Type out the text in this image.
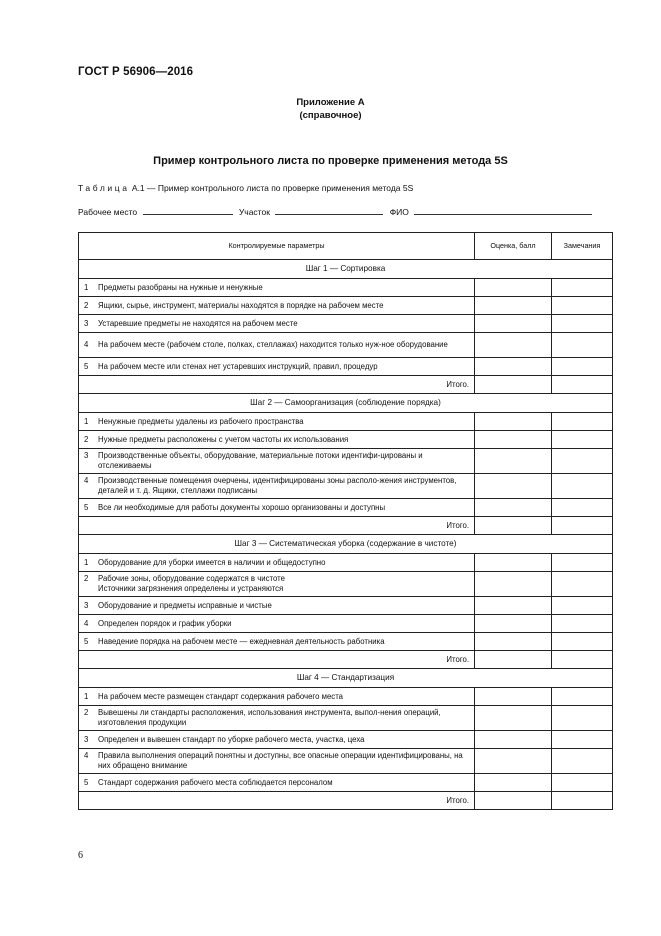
ГОСТ Р 56906—2016
Приложение А
(справочное)
Пример контрольного листа по проверке применения метода 5S
Таблица А.1 — Пример контрольного листа по проверке применения метода 5S
Рабочее место	Участок	ФИО
Контролируемые параметры	Оценка, балл	Замечания
Шаг 1 — Сортировка		

1 Предметы разобраны на нужные и ненужные		

2 Ящики, сырье, инструмент, материалы находятся в порядке на рабочем месте		

3 Устаревшие предметы не находятся на рабочем месте		

4 На рабочем месте (рабочем столе, полках, стеллажах) находится только нуж-ное оборудование		

5 На рабочем месте или стенах нет устаревших инструкций, правил, процедур		

Итого.		
Шаг 2 — Самоорганизация (соблюдение порядка)		

1 Ненужные предметы удалены из рабочего пространства		

2 Нужные предметы расположены с учетом частоты их использования		

3 Производственные объекты, оборудование, материальные потоки идентифи-цированы и отслеживаемы		

4 Производственные помещения очерчены, идентифицированы зоны располо-жения инструментов, деталей и т. д. Ящики, стеллажи подписаны		

5 Все ли необходимые для работы документы хорошо организованы и доступны		

Итого.		
Шаг 3 — Систематическая уборка (содержание в чистоте)		

1 Оборудование для уборки имеется в наличии и общедоступно		

2 Рабочие зоны, оборудование содержатся в чистоте
Источники загрязнения определены и устраняются		

3 Оборудование и предметы исправные и чистые		

4 Определен порядок и график уборки		

5 Наведение порядка на рабочем месте — ежедневная деятельность работника		

Итого.		
Шаг 4 — Стандартизация		

1 На рабочем месте размещен стандарт содержания рабочего места		

2 Вывешены ли стандарты расположения, использования инструмента, выпол-нения операций, изготовления продукции		

3 Определен и вывешен стандарт по уборке рабочего места, участка, цеха		

4 Правила выполнения операций понятны и доступны, все опасные операции идентифицированы, на них обращено внимание		

5 Стандарт содержания рабочего места соблюдается персоналом		

Итого.		
6
